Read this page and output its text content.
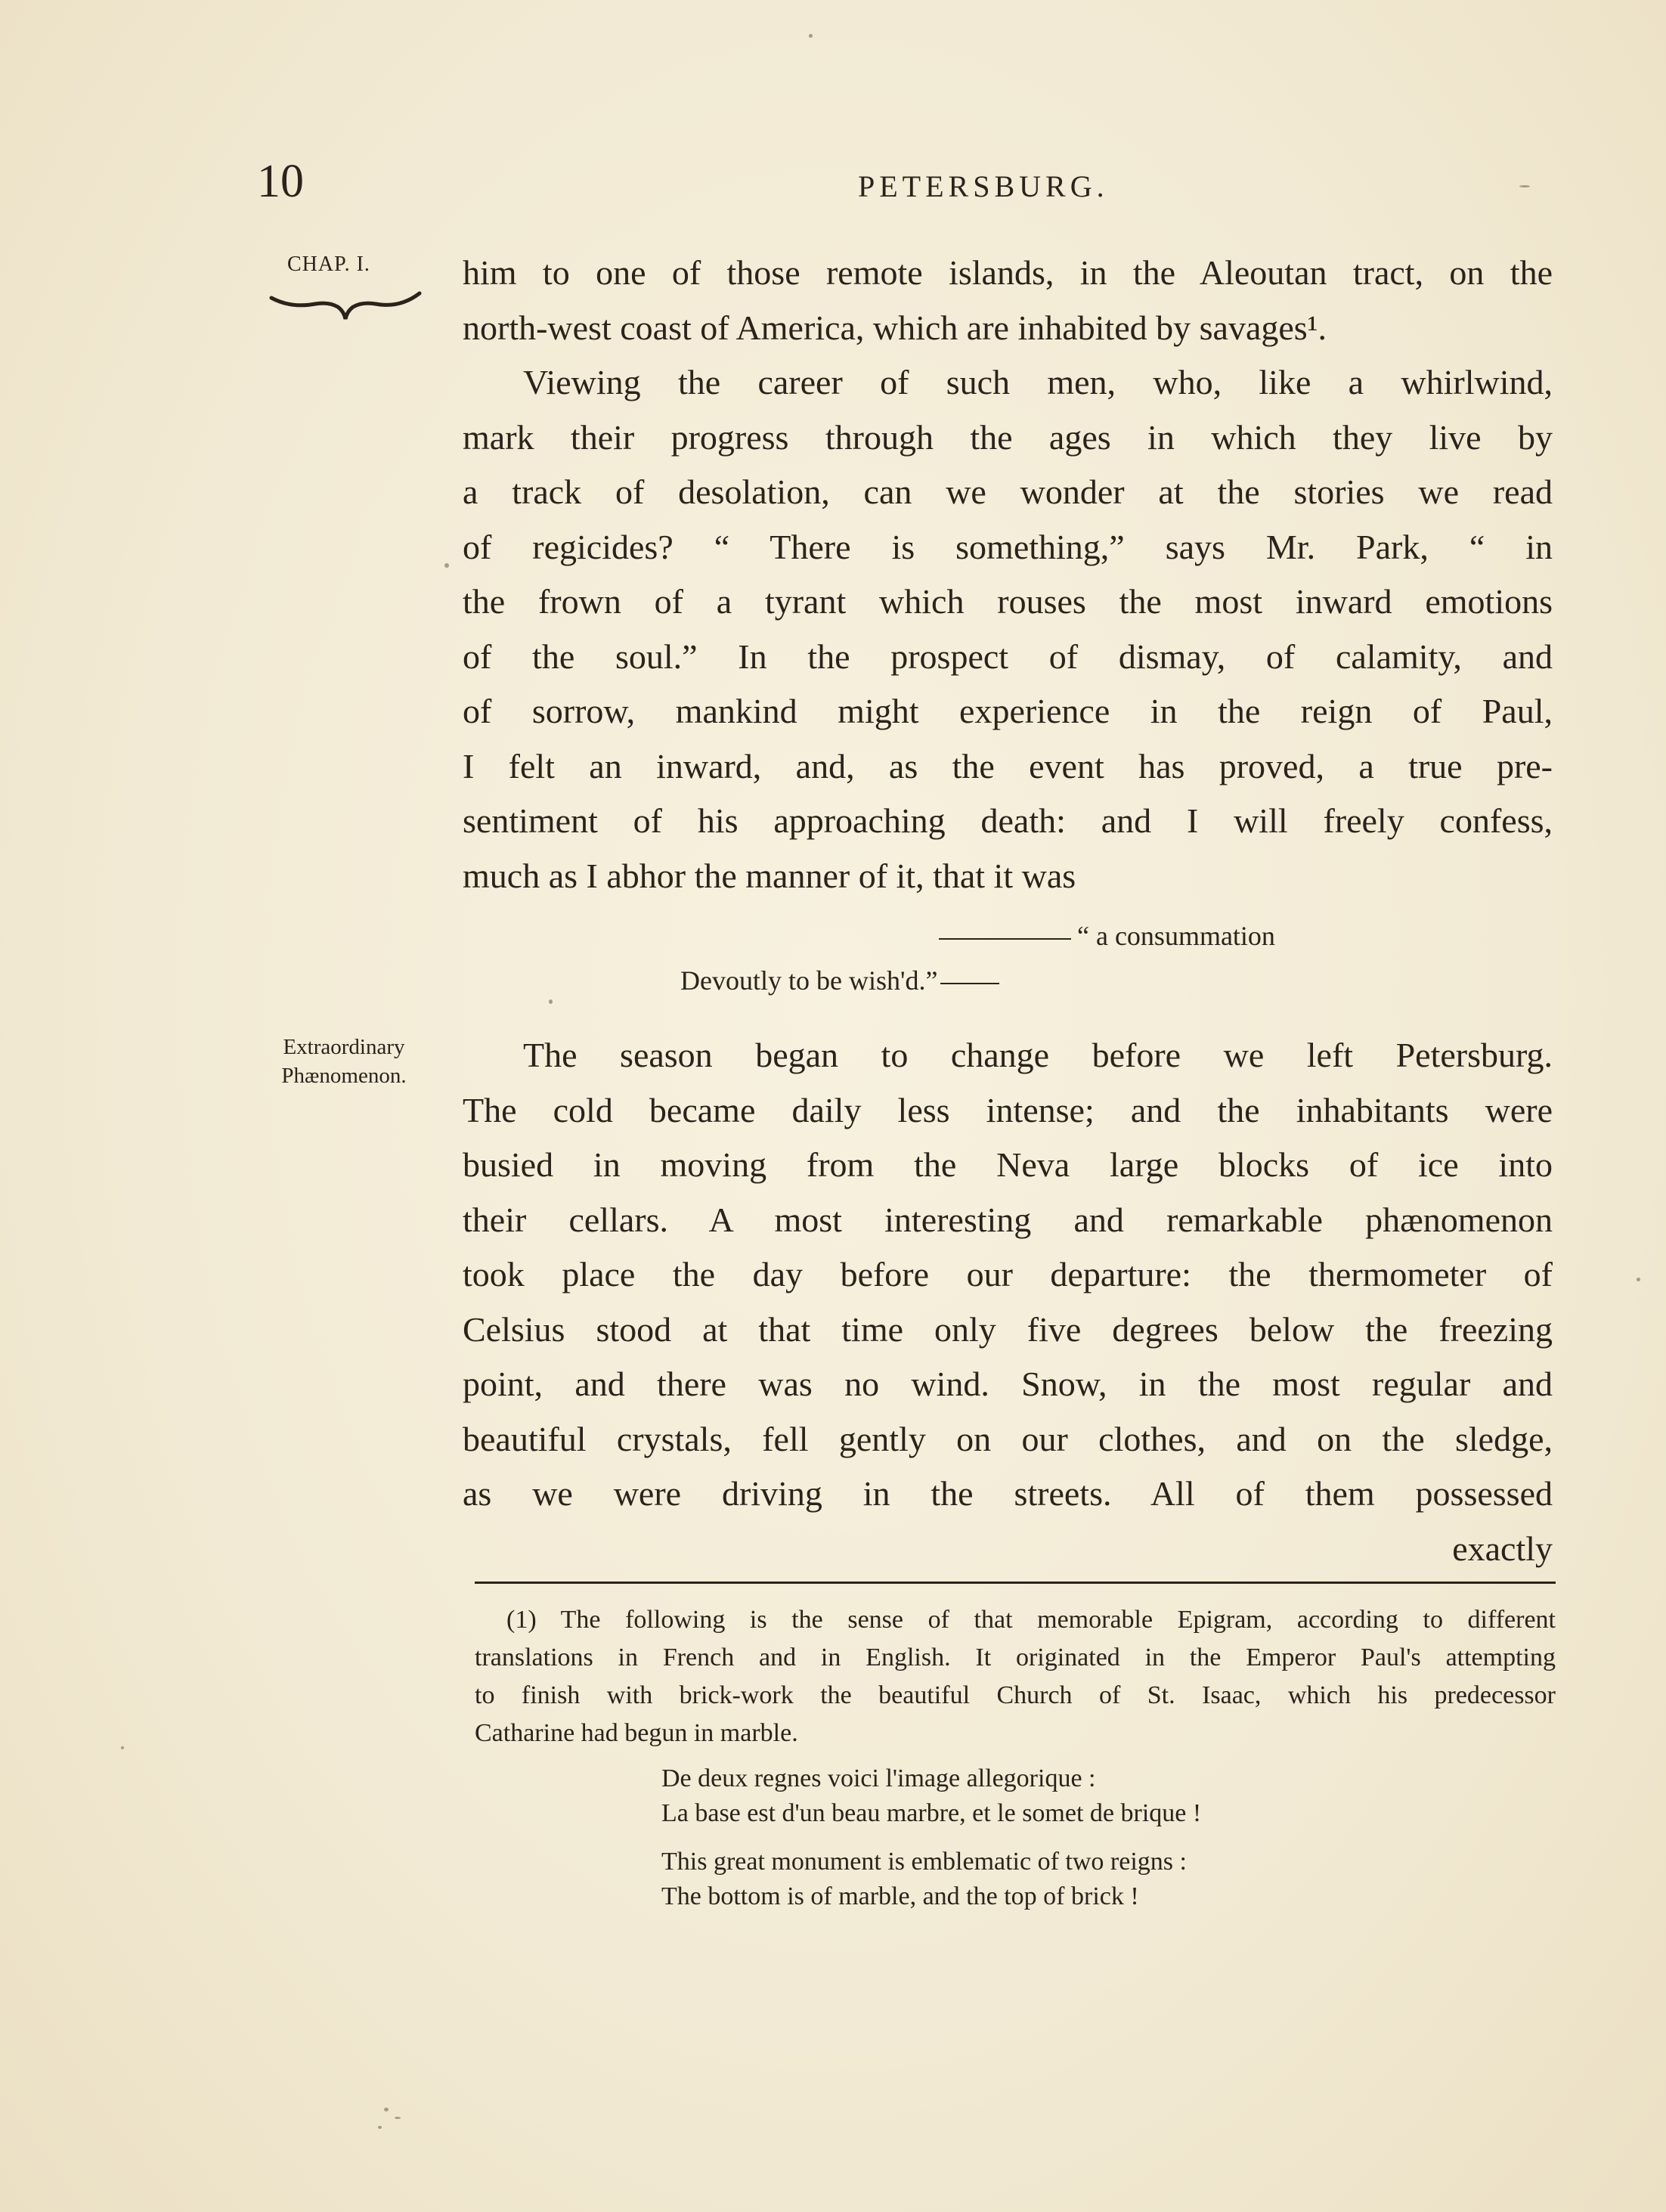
10	PETERSBURG.
CHAP. I.
Extraordinary
Phænomenon.
him to one of those remote islands, in the Aleoutan tract, on the
north-west coast of America, which are inhabited by savages¹.
Viewing the career of such men, who, like a whirlwind,
mark their progress through the ages in which they live by
a track of desolation, can we wonder at the stories we read
of regicides? “ There is something,” says Mr. Park, “ in
the frown of a tyrant which rouses the most inward emotions
of the soul.” In the prospect of dismay, of calamity, and
of sorrow, mankind might experience in the reign of Paul,
I felt an inward, and, as the event has proved, a true pre-
sentiment of his approaching death: and I will freely confess,
much as I abhor the manner of it, that it was
“ a consummation
Devoutly to be wish'd.”
The season began to change before we left Petersburg.
The cold became daily less intense; and the inhabitants were
busied in moving from the Neva large blocks of ice into
their cellars. A most interesting and remarkable phænomenon
took place the day before our departure: the thermometer of
Celsius stood at that time only five degrees below the freezing
point, and there was no wind. Snow, in the most regular and
beautiful crystals, fell gently on our clothes, and on the sledge,
as we were driving in the streets. All of them possessed
exactly
(1) The following is the sense of that memorable Epigram, according to different
translations in French and in English. It originated in the Emperor Paul's attempting
to finish with brick-work the beautiful Church of St. Isaac, which his predecessor
Catharine had begun in marble.
De deux regnes voici l'image allegorique :
La base est d'un beau marbre, et le somet de brique !
This great monument is emblematic of two reigns :
The bottom is of marble, and the top of brick !
